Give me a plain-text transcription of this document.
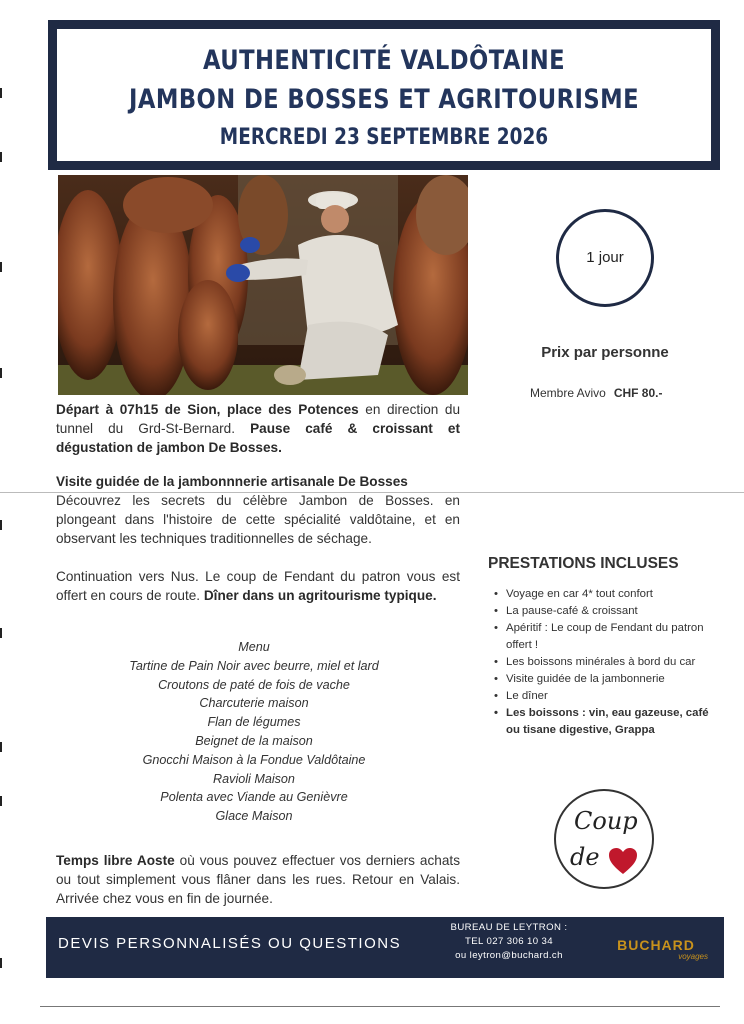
AUTHENTICITÉ VALDÔTAINE
JAMBON DE BOSSES ET AGRITOURISME
MERCREDI 23 SEPTEMBRE 2026
1 jour
Prix par personne
Membre Avivo CHF 80.-
Départ à 07h15 de Sion, place des Potences en direction du tunnel du Grd-St-Bernard. Pause café & croissant et dégustation de jambon De Bosses.
Visite guidée de la jambonnnerie artisanale De Bosses
Découvrez les secrets du célèbre Jambon de Bosses. en plongeant dans l'histoire de cette spécialité valdôtaine, et en observant les techniques traditionnelles de séchage.
Continuation vers Nus. Le coup de Fendant du patron vous est offert en cours de route. Dîner dans un agritourisme typique.
Menu
Tartine de Pain Noir avec beurre, miel et lard
Croutons de paté de fois de vache
Charcuterie maison
Flan de légumes
Beignet de la maison
Gnocchi Maison à la Fondue Valdôtaine
Ravioli Maison
Polenta avec Viande au Genièvre
Glace Maison
Temps libre Aoste où vous pouvez effectuer vos derniers achats ou tout simplement vous flâner dans les rues. Retour en Valais. Arrivée chez vous en fin de journée.
PRESTATIONS INCLUSES
• Voyage en car 4* tout confort
• La pause-café & croissant
• Apéritif : Le coup de Fendant du patron offert !
• Les boissons minérales à bord du car
• Visite guidée de la jambonnerie
• Le dîner
• Les boissons : vin, eau gazeuse, café ou tisane digestive, Grappa
Coup
de
DEVIS PERSONNALISÉS OU QUESTIONS
BUREAU DE LEYTRON :
TEL 027 306 10 34
ou leytron@buchard.ch
BUCHARD
voyages
